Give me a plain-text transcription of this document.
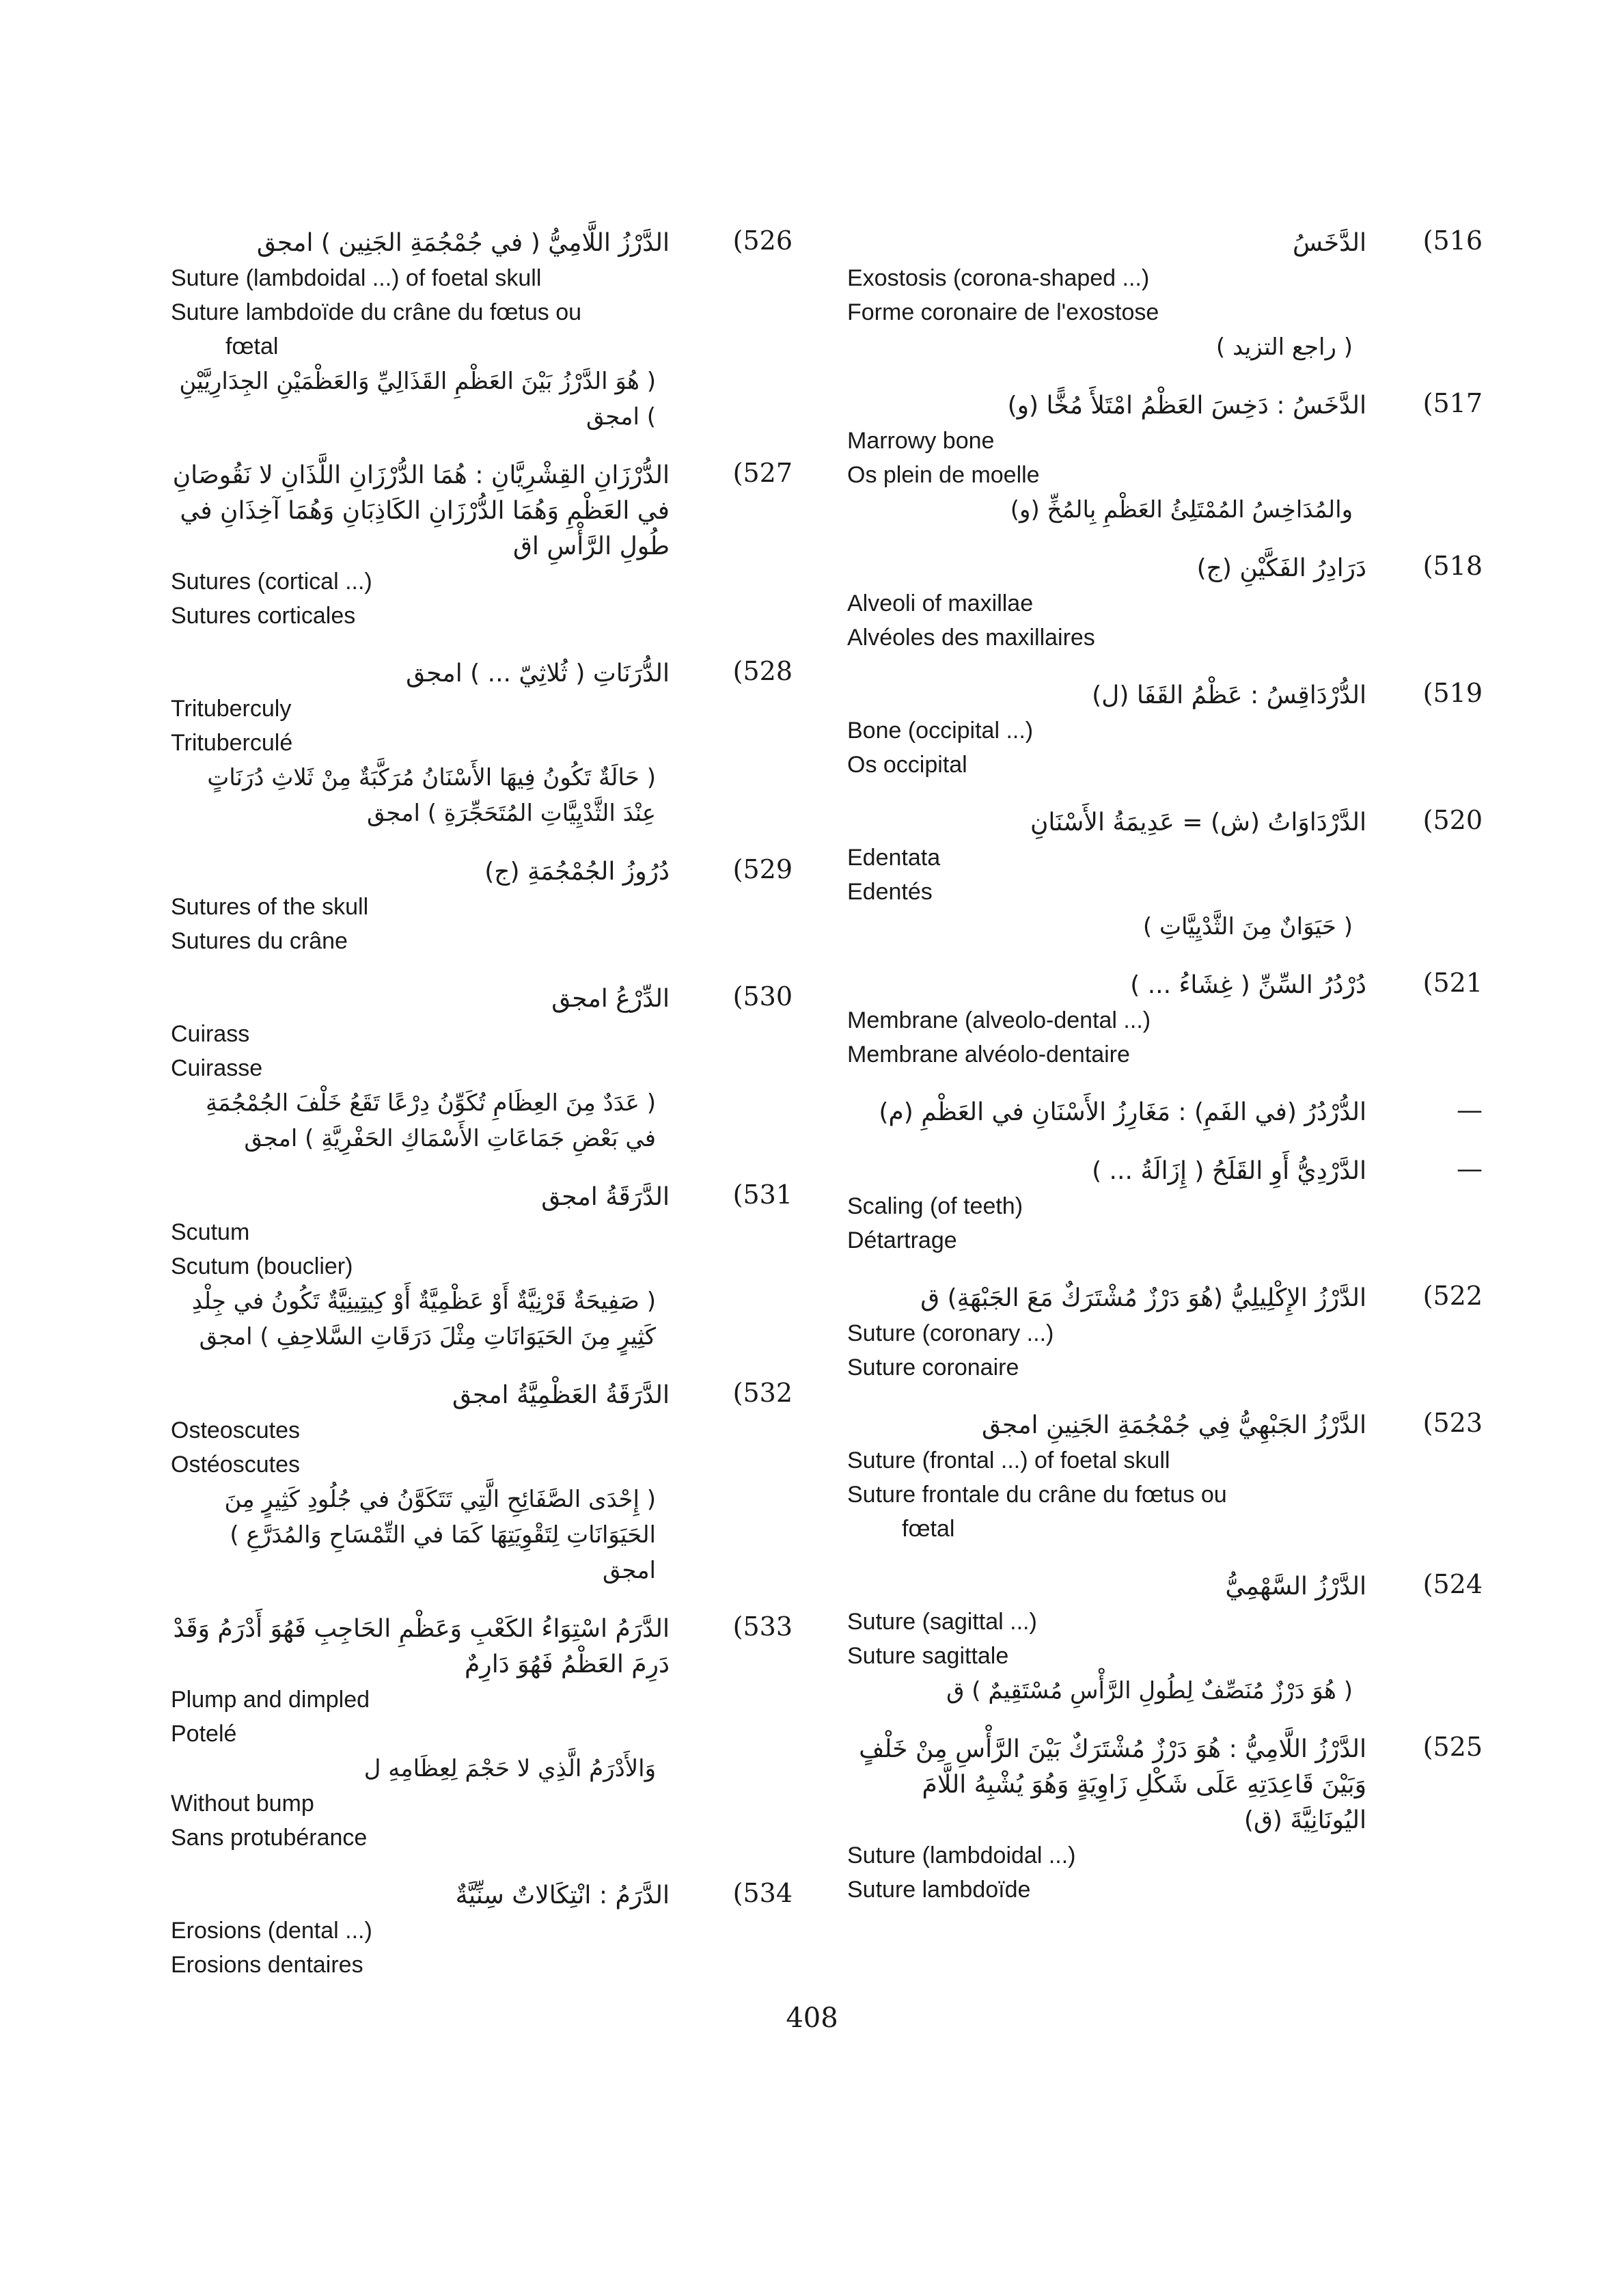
(526
الدَّرْزُ اللَّامِيُّ ( في جُمْجُمَةِ الجَنِين ) امجق
Suture (lambdoidal ...) of foetal skull
Suture lambdoïde du crâne du fœtus ou
fœtal
( هُوَ الدَّرْزُ بَيْنَ العَظْمِ القَذَالِيِّ وَالعَظْمَيْنِ الجِدَارِيَّيْنِ ) امجق
(527
الدُّرْزَانِ القِشْرِيَّانِ : هُمَا الدُّرْزَانِ اللَّذَانِ لا نَقُوصَانِ في العَظْمِ وَهُمَا الدُّرْزَانِ الكَاذِبَانِ وَهُمَا آخِذَانِ في طُولِ الرَّأْسِ اق
Sutures (cortical ...)
Sutures corticales
(528
الدُّرَنَاتِ ( ثُلاثِيّ ... ) امجق
Trituberculy
Trituberculé
( حَالَةٌ تَكُونُ فِيهَا الأَسْنَانُ مُرَكَّبَةٌ مِنْ ثَلاثِ دُرَنَاتٍ عِنْدَ الثَّدْيِيَّاتِ المُتَحَجِّرَةِ ) امجق
(529
دُرُوزُ الجُمْجُمَةِ (ج)
Sutures of the skull
Sutures du crâne
(530
الدِّرْعُ امجق
Cuirass
Cuirasse
( عَدَدٌ مِنَ العِظَامِ تُكَوِّنُ دِرْعًا تَقَعُ خَلْفَ الجُمْجُمَةِ في بَعْضِ جَمَاعَاتِ الأَسْمَاكِ الحَفْرِيَّةِ ) امجق
(531
الدَّرَقَةُ امجق
Scutum
Scutum (bouclier)
( صَفِيحَةٌ قَرْنِيَّةٌ أَوْ عَظْمِيَّةٌ أَوْ كِيتِينِيَّةٌ تَكُونُ في جِلْدِ كَثِيرٍ مِنَ الحَيَوَانَاتِ مِثْلَ دَرَقَاتِ السَّلاحِفِ ) امجق
(532
الدَّرَقَةُ العَظْمِيَّةُ امجق
Osteoscutes
Ostéoscutes
( إِحْدَى الصَّفَائِحِ الَّتِي تَتَكَوَّنُ في جُلُودِ كَثِيرٍ مِنَ الحَيَوَانَاتِ لِتَقْوِيَتِهَا كَمَا في التِّمْسَاحِ وَالمُدَرَّعِ ) امجق
(533
الدَّرَمُ اسْتِوَاءُ الكَعْبِ وَعَظْمِ الحَاجِبِ فَهُوَ أَدْرَمُ وَقَدْ دَرِمَ العَظْمُ فَهُوَ دَارِمٌ
Plump and dimpled
Potelé
وَالأَدْرَمُ الَّذِي لا حَجْمَ لِعِظَامِهِ ل
Without bump
Sans protubérance
(534
الدَّرَمُ : انْتِكَالاتٌ سِنِّيَّةٌ
Erosions (dental ...)
Erosions dentaires
(516
الدَّخَسُ
Exostosis (corona-shaped ...)
Forme coronaire de l'exostose
( راجع التزيد )
(517
الدَّخَسُ : دَخِسَ العَظْمُ امْتَلأَ مُخًّا (و)
Marrowy bone
Os plein de moelle
والمُدَاخِسُ المُمْتَلِئُ العَظْمِ بِالمُخِّ (و)
(518
دَرَادِرُ الفَكَّيْنِ (ج)
Alveoli of maxillae
Alvéoles des maxillaires
(519
الدُّرْدَاقِسُ : عَظْمُ القَفَا (ل)
Bone (occipital ...)
Os occipital
(520
الدَّرْدَاوَاتُ (ش) = عَدِيمَةُ الأَسْنَانِ
Edentata
Edentés
( حَيَوَانٌ مِنَ الثَّدْيِيَّاتِ )
(521
دُرْدُرُ السِّنِّ ( غِشَاءُ ... )
Membrane (alveolo-dental ...)
Membrane alvéolo-dentaire
—
الدُّرْدُرُ (في الفَمِ) : مَغَارِزُ الأَسْنَانِ في العَظْمِ (م)
—
الدَّرْدِيُّ أَوِ القَلَحُ ( إِزَالَةُ ... )
Scaling (of teeth)
Détartrage
(522
الدَّرْزُ الإِكْلِيلِيُّ (هُوَ دَرْزٌ مُشْتَرَكٌ مَعَ الجَبْهَةِ) ق
Suture (coronary ...)
Suture coronaire
(523
الدَّرْزُ الجَبْهِيُّ فِي جُمْجُمَةِ الجَنِينِ امجق
Suture (frontal ...) of foetal skull
Suture frontale du crâne du fœtus ou
fœtal
(524
الدَّرْزُ السَّهْمِيُّ
Suture (sagittal ...)
Suture sagittale
( هُوَ دَرْزٌ مُنَصِّفٌ لِطُولِ الرَّأْسِ مُسْتَقِيمٌ ) ق
(525
الدَّرْزُ اللَّامِيُّ : هُوَ دَرْزٌ مُشْتَرَكٌ بَيْنَ الرَّأْسِ مِنْ خَلْفٍ وَبَيْنَ قَاعِدَتِهِ عَلَى شَكْلِ زَاوِيَةٍ وَهُوَ يُشْبِهُ اللَّامَ اليُونَانِيَّةَ (ق)
Suture (lambdoidal ...)
Suture lambdoïde
408
